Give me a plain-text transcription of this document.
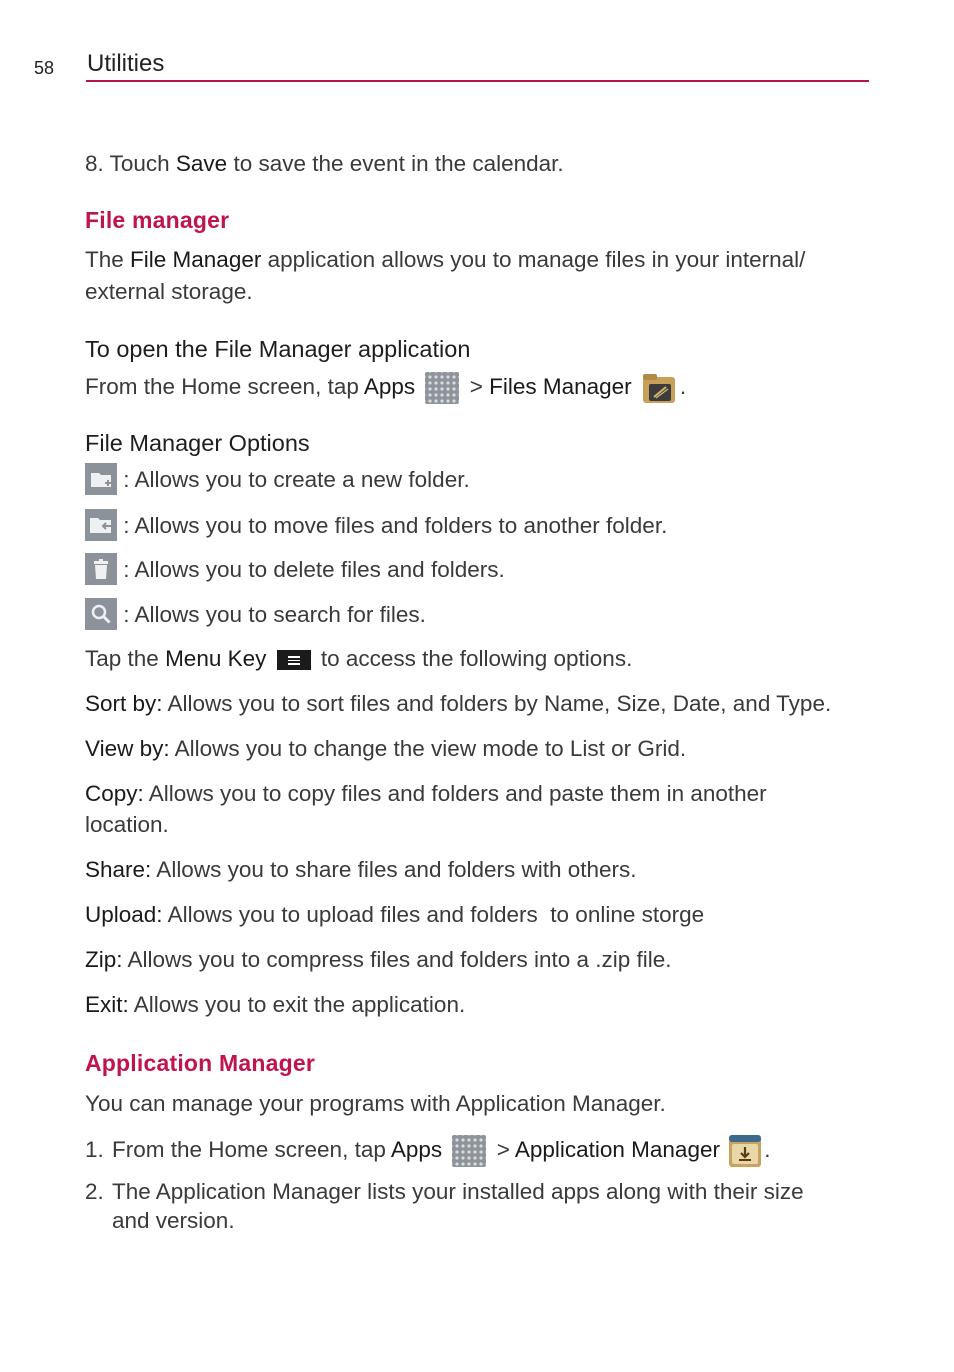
58 Utilities
8. Touch Save to save the event in the calendar.
File manager
The File Manager application allows you to manage files in your internal/
external storage.
To open the File Manager application
From the Home screen, tap Apps  > Files Manager .
File Manager Options
: Allows you to create a new folder.
: Allows you to move files and folders to another folder.
: Allows you to delete files and folders.
: Allows you to search for files.
Tap the Menu Key
to access the following options.
Sort by: Allows you to sort files and folders by Name, Size, Date, and Type.
View by: Allows you to change the view mode to List or Grid.
Copy: Allows you to copy files and folders and paste them in another
location.
Share: Allows you to share files and folders with others.
Upload: Allows you to upload files and folders  to online storge
Zip: Allows you to compress files and folders into a .zip file.
Exit: Allows you to exit the application.
Application Manager
You can manage your programs with Application Manager.
1. From the Home screen, tap Apps  > Application Manager .
2. The Application Manager lists your installed apps along with their size
and version.
